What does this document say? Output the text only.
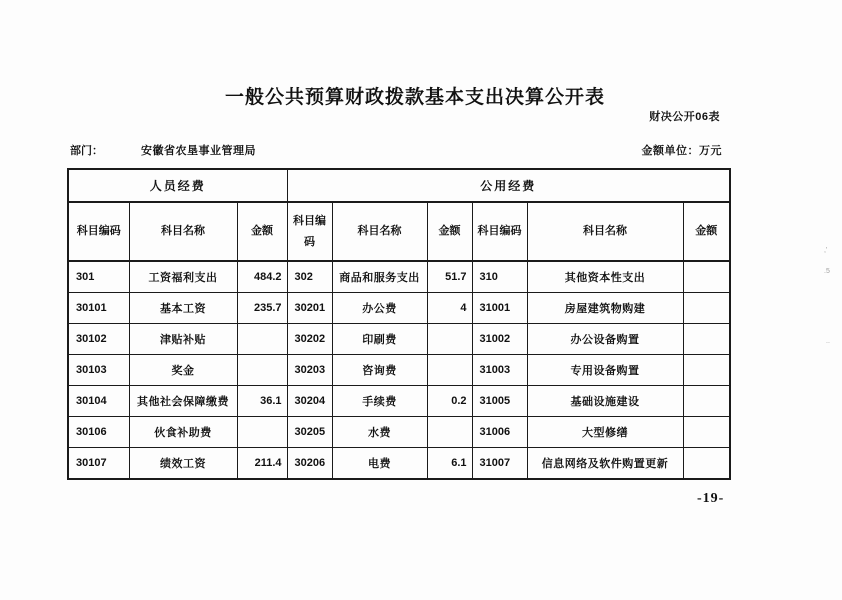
一般公共预算财政拨款基本支出决算公开表
财决公开06表
部门：	安徽省农垦事业管理局	金额单位：万元
人员经费			公用经费					
科目编码	科目名称	金额	科目编码	科目名称	金额	科目编码	科目名称	金额
301	工资福利支出	484.2	302	商品和服务支出	51.7	310	其他资本性支出	
30101	基本工资	235.7	30201	办公费	4	31001	房屋建筑物购建	
30102	津贴补贴		30202	印刷费		31002	办公设备购置	
30103	奖金		30203	咨询费		31003	专用设备购置	
30104	其他社会保障缴费	36.1	30204	手续费	0.2	31005	基础设施建设	
30106	伙食补助费		30205	水费		31006	大型修缮	
30107	绩效工资	211.4	30206	电费	6.1	31007	信息网络及软件购置更新	
-19-
,'
.5
..
